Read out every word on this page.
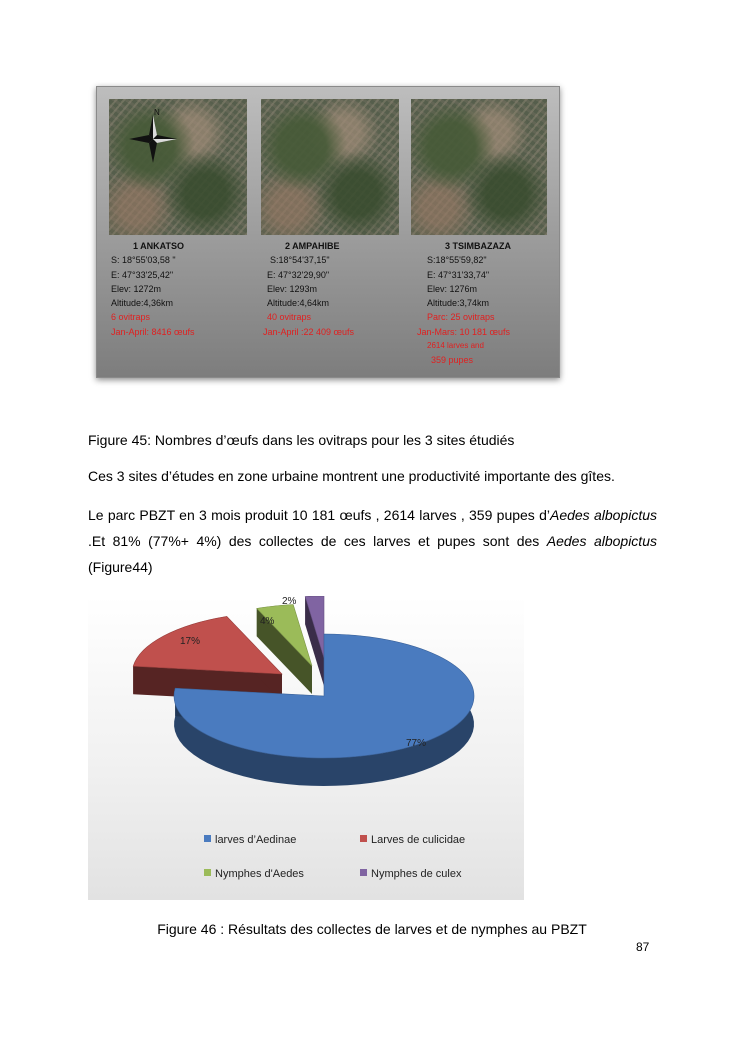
N
1 ANKATSO
S: 18°55'03,58 "
E: 47°33'25,42"
Elev: 1272m
Altitude:4,36km
6 ovitraps
Jan-April: 8416 œufs
2 AMPAHIBE
S:18°54'37,15"
E: 47°32'29,90"
Elev: 1293m
Altitude:4,64km
40 ovitraps
Jan-April :22 409 œufs
3 TSIMBAZAZA
S:18°55'59,82"
E: 47°31'33,74"
Elev: 1276m
Altitude:3,74km
Parc: 25 ovitraps
Jan-Mars: 10 181 œufs
2614 larves and
359 pupes
Figure 45: Nombres d’œufs dans les ovitraps pour les 3 sites étudiés
Ces 3 sites d’études en zone urbaine montrent une productivité importante des gîtes.
Le parc PBZT en 3 mois produit 10 181 œufs , 2614 larves , 359 pupes d’Aedes albopictus .Et 81% (77%+ 4%) des collectes de ces larves et pupes sont des Aedes albopictus (Figure44)
77%
17%
4%
2%
larves d’Aedinae	Larves de culicidae
Nymphes d'Aedes	Nymphes de culex
Figure 46 : Résultats des collectes de larves et de nymphes au PBZT
87
